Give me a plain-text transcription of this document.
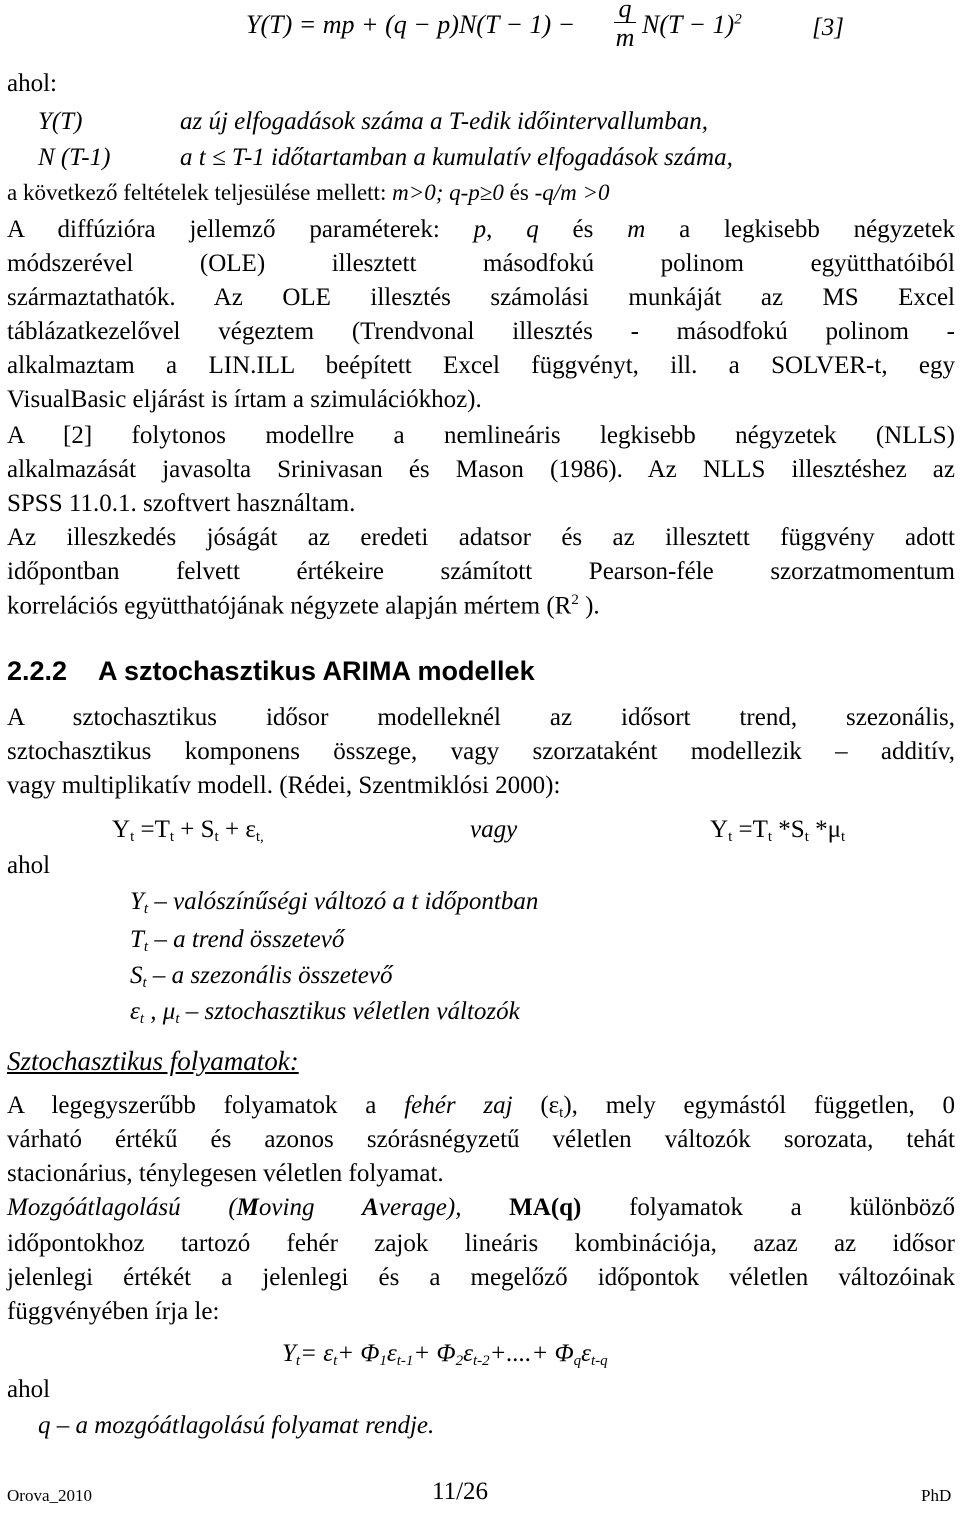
Y(T) = mp + $(q - p)N(T - 1) - \frac{q}{m} N(T - 1)^2$	[3]
ahol:
Y(T)	az új elfogadások száma a T-edik időintervallumban,
N (T-1)	a t ≤ T-1 időtartamban a kumulatív elfogadások száma,
a következő feltételek teljesülése mellett: m>0; q-p≥0 és -q/m >0
A diffúzióra jellemző paraméterek: p, q és m a legkisebb négyzetek
módszerével (OLE) illesztett másodfokú polinom együtthatóiból
származtathatók. Az OLE illesztés számolási munkáját az MS Excel
táblázatkezelővel végeztem (Trendvonal illesztés - másodfokú polinom -
alkalmaztam a LIN.ILL beépített Excel függvényt, ill. a SOLVER-t, egy
VisualBasic eljárást is írtam a szimulációkhoz).
A [2] folytonos modellre a nemlineáris legkisebb négyzetek (NLLS)
alkalmazását javasolta Srinivasan és Mason (1986). Az NLLS illesztéshez az
SPSS 11.0.1. szoftvert használtam.
Az illeszkedés jóságát az eredeti adatsor és az illesztett függvény adott
időpontban felvett értékeire számított Pearson-féle szorzatmomentum
korrelációs együtthatójának négyzete alapján mértem ($R^2$ ).
2.2.2 A sztochasztikus ARIMA modellek
A sztochasztikus idősor modelleknél az idősort trend, szezonális,
sztochasztikus komponens összege, vagy szorzataként modellezik – additív,
vagy multiplikatív modell. (Rédei, Szentmiklósi 2000):
$Y_t =T_t + S_t + \varepsilon_{t,}$	vagy	$Y_t =T_t$ $*S_t$ $*\mu_t$
ahol
$Y_t$ – valószínűségi változó a t időpontban
$T_t$ – a trend összetevő
$S_t$ – a szezonális összetevő
$\varepsilon_t$ , $\mu_t$ – sztochasztikus véletlen változók
Sztochasztikus folyamatok:
A legegyszerűbb folyamatok a fehér zaj $(\varepsilon_t)$, mely egymástól független, 0
várható értékű és azonos szórásnégyzetű véletlen változók sorozata, tehát
stacionárius, ténylegesen véletlen folyamat.
Mozgóátlagolású (Moving Average), MA(q) folyamatok a különböző
időpontokhoz tartozó fehér zajok lineáris kombinációja, azaz az idősor
jelenlegi értékét a jelenlegi és a megelőző időpontok véletlen változóinak
függvényében írja le:
$Y_t= \varepsilon_t+ \Phi_1\varepsilon_{t-1}+ \Phi_2\varepsilon_{t-2}+....+ \Phi_q\varepsilon_{t-q}$
ahol
q – a mozgóátlagolású folyamat rendje.
Orova_2010	11/26	PhD
